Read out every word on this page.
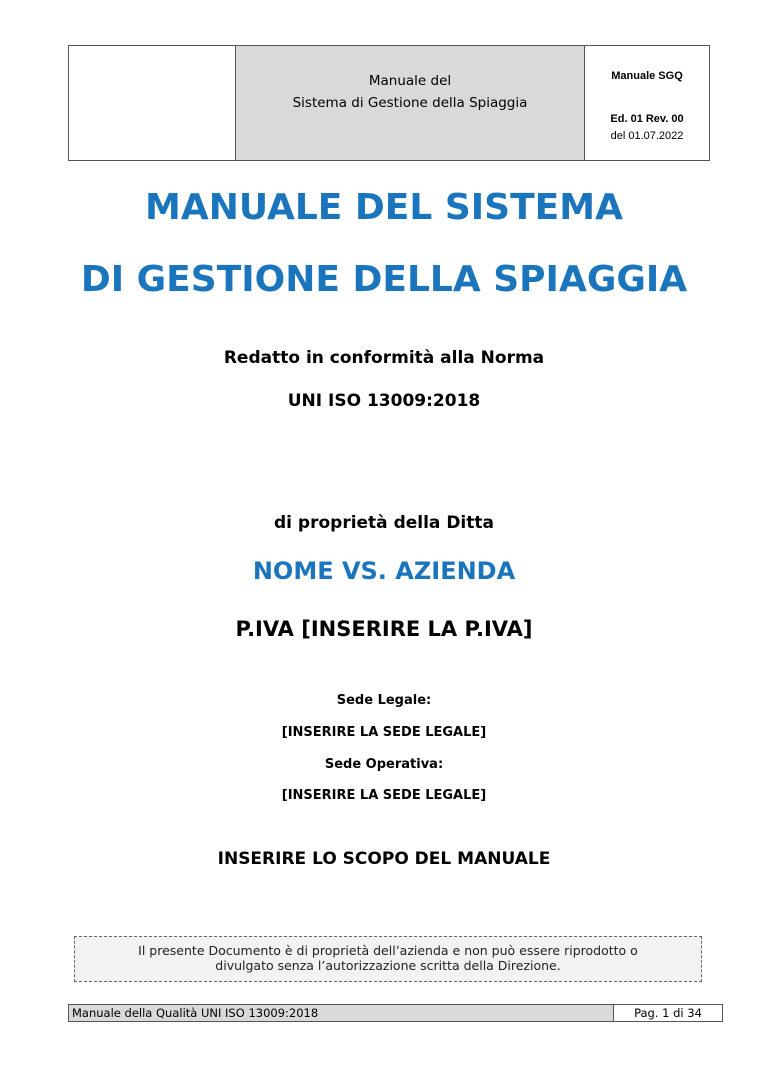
Manuale del
Sistema di Gestione della Spiaggia
Manuale SGQ
Ed. 01 Rev. 00
del 01.07.2022
MANUALE DEL SISTEMA
DI GESTIONE DELLA SPIAGGIA
Redatto in conformità alla Norma
UNI ISO 13009:2018
di proprietà della Ditta
NOME VS. AZIENDA
P.IVA [INSERIRE LA P.IVA]
Sede Legale:
[INSERIRE LA SEDE LEGALE]
Sede Operativa:
[INSERIRE LA SEDE LEGALE]
INSERIRE LO SCOPO DEL MANUALE
Il presente Documento è di proprietà dell’azienda e non può essere riprodotto o
divulgato senza l’autorizzazione scritta della Direzione.
Manuale della Qualità UNI ISO 13009:2018	Pag. 1 di 34
